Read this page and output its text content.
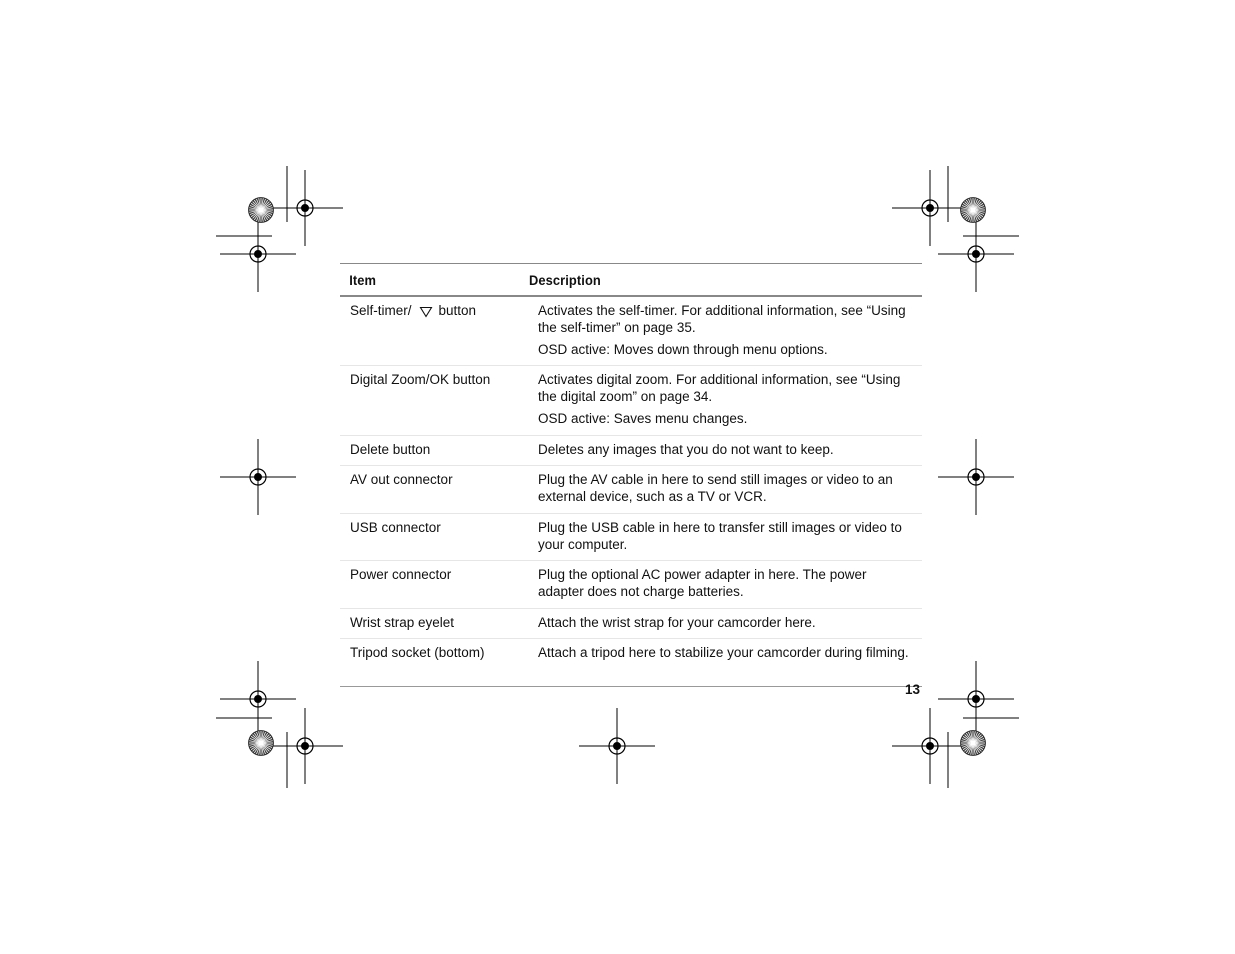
Item	Description
Self-timer/ button	Activates the self-timer. For additional information, see “Using the self-timer” on page 35.

OSD active: Moves down through menu options.

Digital Zoom/OK button	Activates digital zoom. For additional information, see “Using the digital zoom” on page 34.

OSD active: Saves menu changes.

Delete button	Deletes any images that you do not want to keep.

AV out connector	Plug the AV cable in here to send still images or video to an external device, such as a TV or VCR.

USB connector	Plug the USB cable in here to transfer still images or video to your computer.

Power connector	Plug the optional AC power adapter in here. The power adapter does not charge batteries.

Wrist strap eyelet	Attach the wrist strap for your camcorder here.

Tripod socket (bottom)	Attach a tripod here to stabilize your camcorder during filming.

13
